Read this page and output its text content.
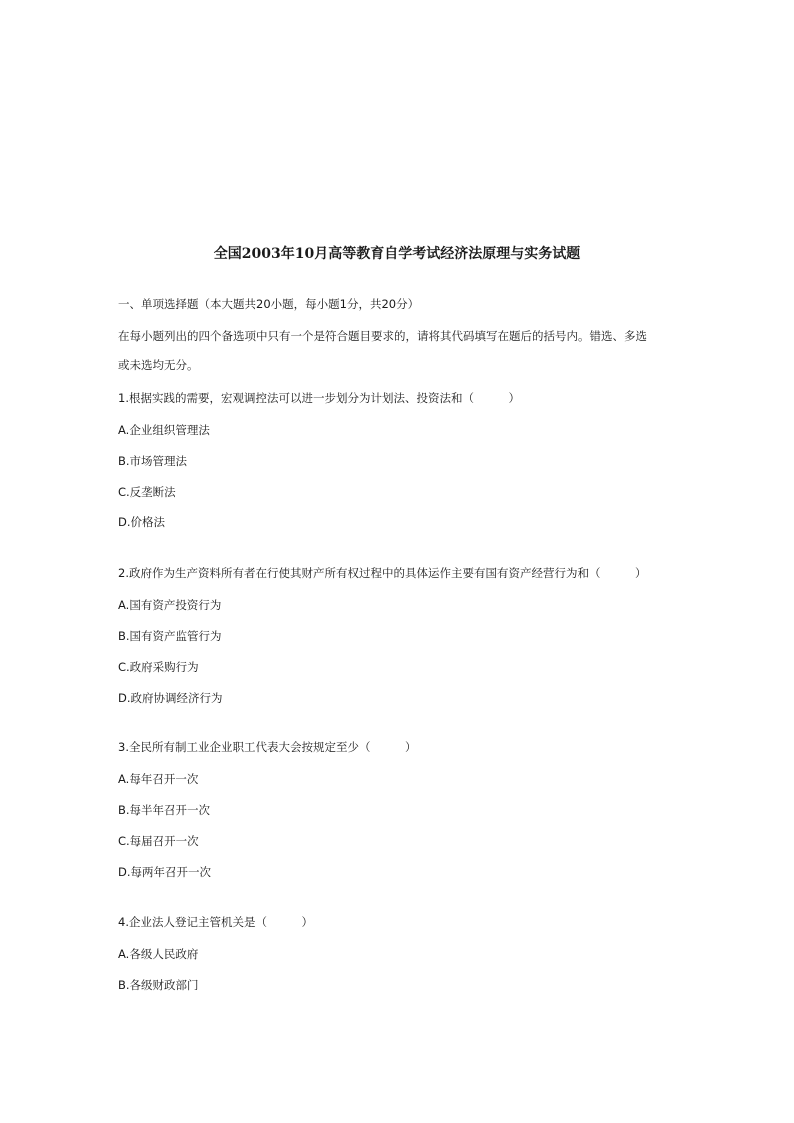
全国2003年10月高等教育自学考试经济法原理与实务试题
一、单项选择题（本大题共20小题，每小题1分，共20分）
在每小题列出的四个备选项中只有一个是符合题目要求的，请将其代码填写在题后的括号内。错选、多选
或未选均无分。
1.根据实践的需要，宏观调控法可以进一步划分为计划法、投资法和（　　　）
A.企业组织管理法
B.市场管理法
C.反垄断法
D.价格法
2.政府作为生产资料所有者在行使其财产所有权过程中的具体运作主要有国有资产经营行为和（　　　）
A.国有资产投资行为
B.国有资产监管行为
C.政府采购行为
D.政府协调经济行为
3.全民所有制工业企业职工代表大会按规定至少（　　　）
A.每年召开一次
B.每半年召开一次
C.每届召开一次
D.每两年召开一次
4.企业法人登记主管机关是（　　　）
A.各级人民政府
B.各级财政部门
